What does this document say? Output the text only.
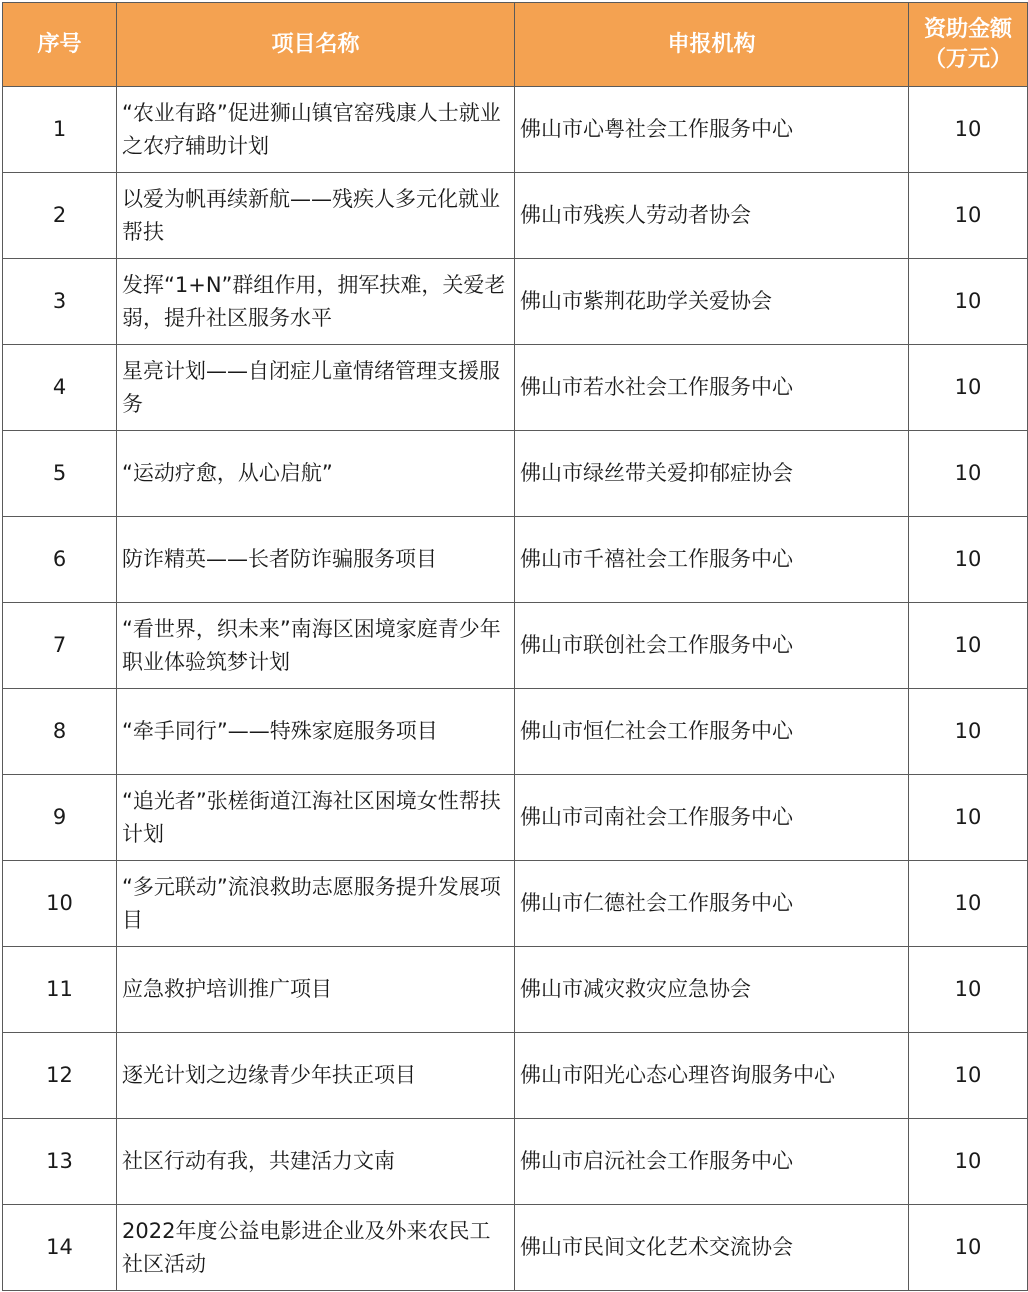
序号	项目名称	申报机构	资助金额（万元）
1	“农业有路”促进狮山镇官窑残康人士就业之农疗辅助计划	佛山市心粤社会工作服务中心	10
2	以爱为帆再续新航——残疾人多元化就业帮扶	佛山市残疾人劳动者协会	10
3	发挥“1+N”群组作用，拥军扶难，关爱老弱，提升社区服务水平	佛山市紫荆花助学关爱协会	10
4	星亮计划——自闭症儿童情绪管理支援服务	佛山市若水社会工作服务中心	10
5	“运动疗愈，从心启航”	佛山市绿丝带关爱抑郁症协会	10
6	防诈精英——长者防诈骗服务项目	佛山市千禧社会工作服务中心	10
7	“看世界，织未来”南海区困境家庭青少年职业体验筑梦计划	佛山市联创社会工作服务中心	10
8	“牵手同行”——特殊家庭服务项目	佛山市恒仁社会工作服务中心	10
9	“追光者”张槎街道江海社区困境女性帮扶计划	佛山市司南社会工作服务中心	10
10	“多元联动”流浪救助志愿服务提升发展项目	佛山市仁德社会工作服务中心	10
11	应急救护培训推广项目	佛山市减灾救灾应急协会	10
12	逐光计划之边缘青少年扶正项目	佛山市阳光心态心理咨询服务中心	10
13	社区行动有我，共建活力文南	佛山市启沅社会工作服务中心	10
14	2022年度公益电影进企业及外来农民工社区活动	佛山市民间文化艺术交流协会	10
